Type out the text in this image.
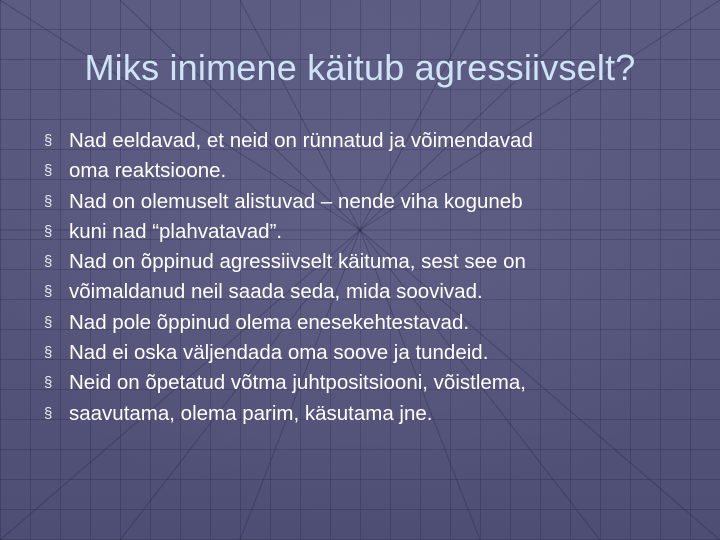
Miks inimene käitub agressiivselt?
§ Nad eeldavad, et neid on rünnatud ja võimendavad
§ oma reaktsioone.
§ Nad on olemuselt alistuvad – nende viha koguneb
§ kuni nad “plahvatavad”.
§ Nad on õppinud agressiivselt käituma, sest see on
§ võimaldanud neil saada seda, mida soovivad.
§ Nad pole õppinud olema enesekehtestavad.
§ Nad ei oska väljendada oma soove ja tundeid.
§ Neid on õpetatud võtma juhtpositsiooni, võistlema,
§ saavutama, olema parim, käsutama jne.
